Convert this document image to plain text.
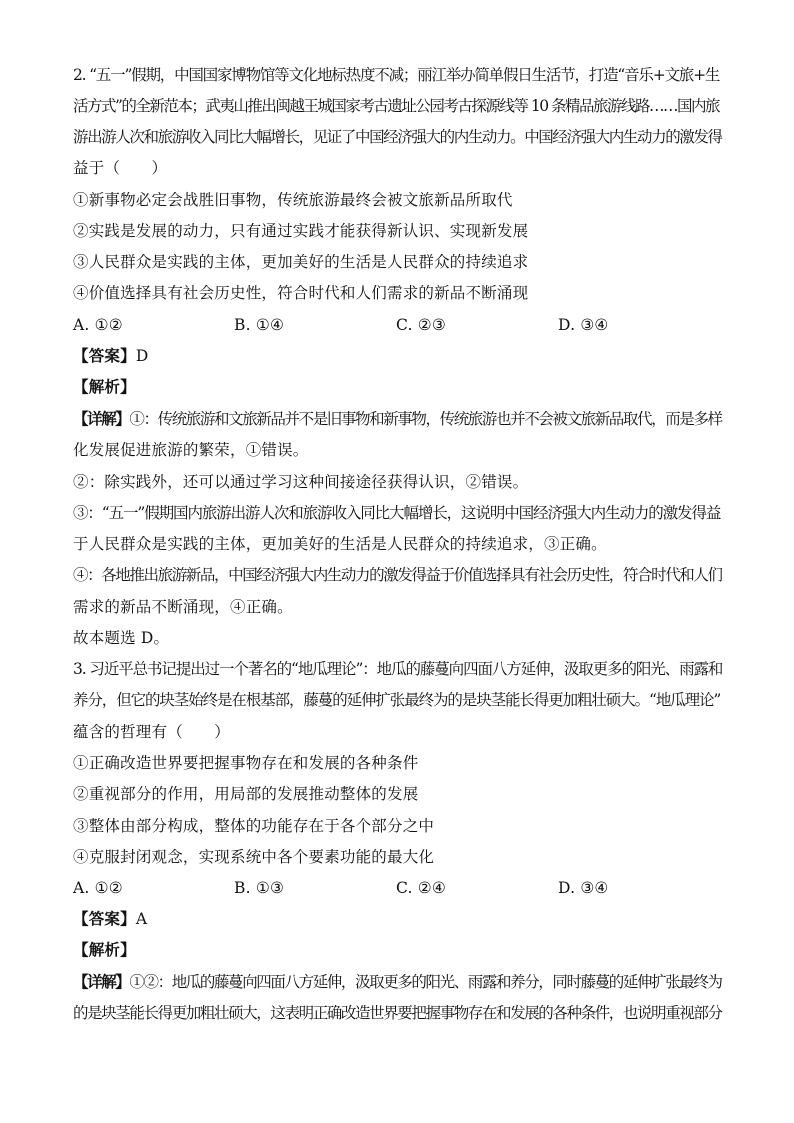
2. “五一”假期，中国国家博物馆等文化地标热度不减；丽江举办简单假日生活节，打造“音乐+文旅+生
活方式”的全新范本；武夷山推出闽越王城国家考古遗址公园考古探源线等 10 条精品旅游线路……国内旅
游出游人次和旅游收入同比大幅增长，见证了中国经济强大的内生动力。中国经济强大内生动力的激发得
益于（　　）
①新事物必定会战胜旧事物，传统旅游最终会被文旅新品所取代
②实践是发展的动力，只有通过实践才能获得新认识、实现新发展
③人民群众是实践的主体，更加美好的生活是人民群众的持续追求
④价值选择具有社会历史性，符合时代和人们需求的新品不断涌现
A. ①②	B. ①④	C. ②③	D. ③④
【答案】D
【解析】
【详解】①：传统旅游和文旅新品并不是旧事物和新事物，传统旅游也并不会被文旅新品取代，而是多样
化发展促进旅游的繁荣，①错误。
②：除实践外，还可以通过学习这种间接途径获得认识，②错误。
③：“五一”假期国内旅游出游人次和旅游收入同比大幅增长，这说明中国经济强大内生动力的激发得益
于人民群众是实践的主体，更加美好的生活是人民群众的持续追求，③正确。
④：各地推出旅游新品，中国经济强大内生动力的激发得益于价值选择具有社会历史性，符合时代和人们
需求的新品不断涌现，④正确。
故本题选 D。
3. 习近平总书记提出过一个著名的“地瓜理论”：地瓜的藤蔓向四面八方延伸，汲取更多的阳光、雨露和
养分，但它的块茎始终是在根基部，藤蔓的延伸扩张最终为的是块茎能长得更加粗壮硕大。“地瓜理论”
蕴含的哲理有（　　）
①正确改造世界要把握事物存在和发展的各种条件
②重视部分的作用，用局部的发展推动整体的发展
③整体由部分构成，整体的功能存在于各个部分之中
④克服封闭观念，实现系统中各个要素功能的最大化
A. ①②	B. ①③	C. ②④	D. ③④
【答案】A
【解析】
【详解】①②：地瓜的藤蔓向四面八方延伸，汲取更多的阳光、雨露和养分，同时藤蔓的延伸扩张最终为
的是块茎能长得更加粗壮硕大，这表明正确改造世界要把握事物存在和发展的各种条件，也说明重视部分
